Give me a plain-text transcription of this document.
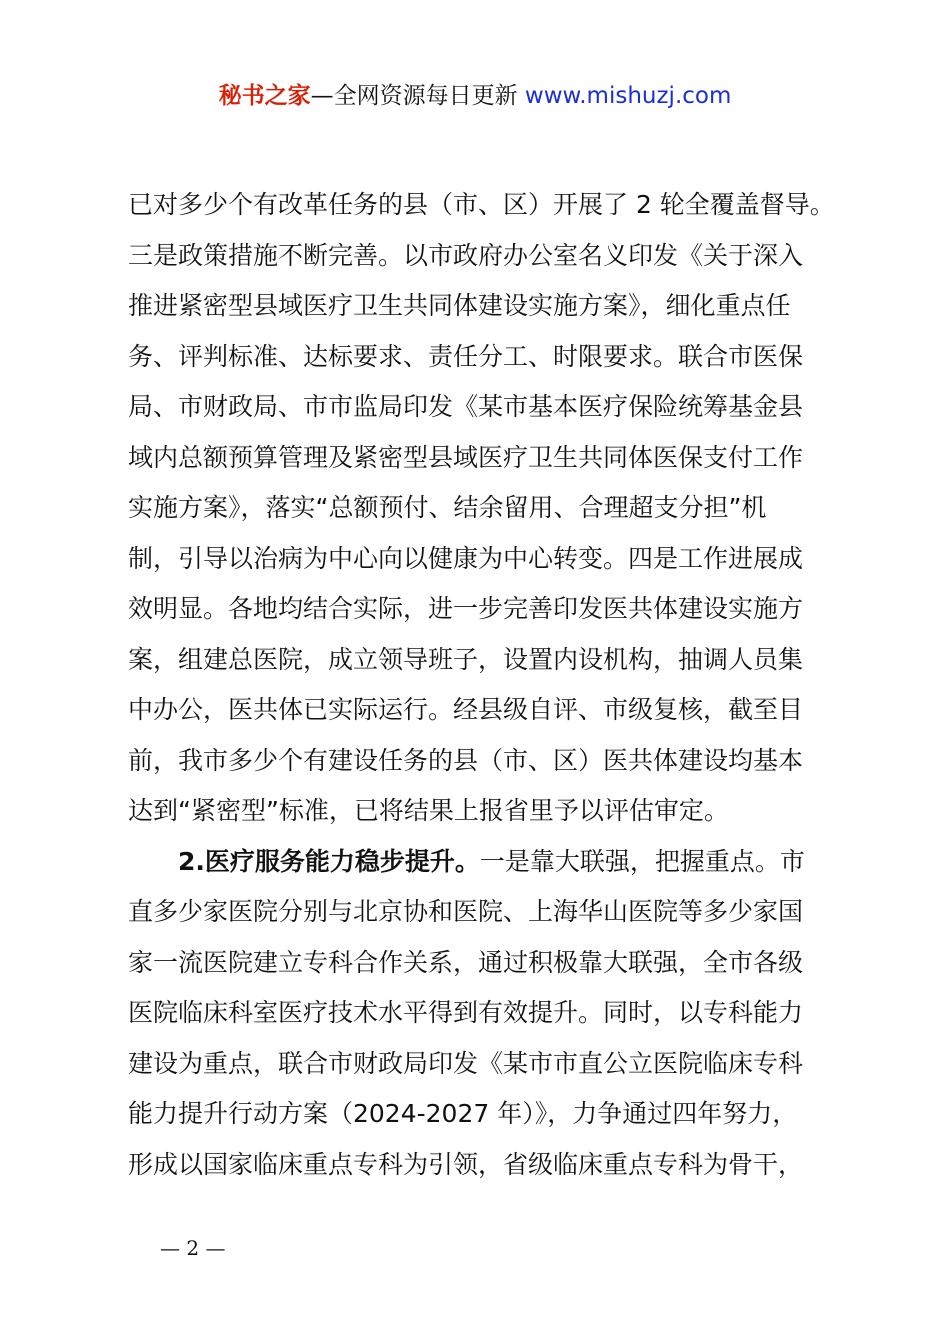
秘书之家—全网资源每日更新 www.mishuzj.com
已对多少个有改革任务的县（市、区）开展了 2 轮全覆盖督导。
三是政策措施不断完善。以市政府办公室名义印发《关于深入
推进紧密型县域医疗卫生共同体建设实施方案》，细化重点任
务、评判标准、达标要求、责任分工、时限要求。联合市医保
局、市财政局、市市监局印发《某市基本医疗保险统筹基金县
域内总额预算管理及紧密型县域医疗卫生共同体医保支付工作
实施方案》，落实“总额预付、结余留用、合理超支分担”机
制，引导以治病为中心向以健康为中心转变。四是工作进展成
效明显。各地均结合实际，进一步完善印发医共体建设实施方
案，组建总医院，成立领导班子，设置内设机构，抽调人员集
中办公，医共体已实际运行。经县级自评、市级复核，截至目
前，我市多少个有建设任务的县（市、区）医共体建设均基本
达到“紧密型”标准，已将结果上报省里予以评估审定。
2.医疗服务能力稳步提升。一是靠大联强，把握重点。市
直多少家医院分别与北京协和医院、上海华山医院等多少家国
家一流医院建立专科合作关系，通过积极靠大联强，全市各级
医院临床科室医疗技术水平得到有效提升。同时，以专科能力
建设为重点，联合市财政局印发《某市市直公立医院临床专科
能力提升行动方案（2024-2027 年）》，力争通过四年努力，
形成以国家临床重点专科为引领，省级临床重点专科为骨干，
— 2 —
